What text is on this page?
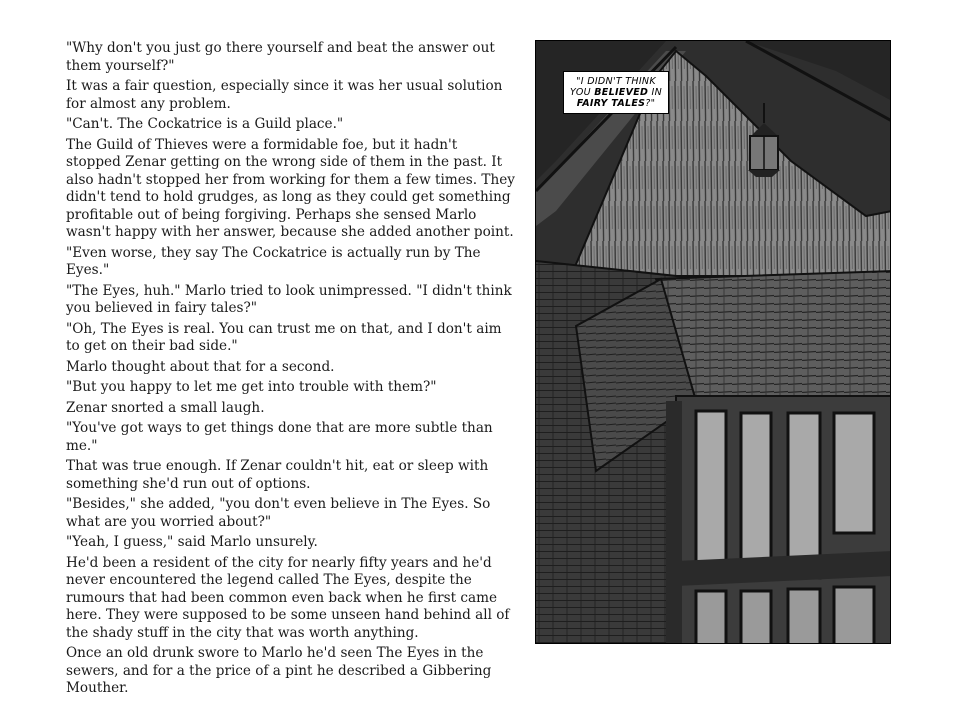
"Why don't you just go there yourself and beat the answer out them yourself?"

It was a fair question, especially since it was her usual solution for almost any problem.

"Can't. The Cockatrice is a Guild place."

The Guild of Thieves were a formidable foe, but it hadn't stopped Zenar getting on the wrong side of them in the past. It also hadn't stopped her from working for them a few times. They didn't tend to hold grudges, as long as they could get something profitable out of being forgiving. Perhaps she sensed Marlo wasn't happy with her answer, because she added another point.

"Even worse, they say The Cockatrice is actually run by The Eyes."

"The Eyes, huh." Marlo tried to look unimpressed. "I didn't think you believed in fairy tales?"

"Oh, The Eyes is real. You can trust me on that, and I don't aim to get on their bad side."

Marlo thought about that for a second.

"But you happy to let me get into trouble with them?"

Zenar snorted a small laugh.

"You've got ways to get things done that are more subtle than me."

That was true enough. If Zenar couldn't hit, eat or sleep with something she'd run out of options.

"Besides," she added, "you don't even believe in The Eyes. So what are you worried about?"

"Yeah, I guess," said Marlo unsurely.

He'd been a resident of the city for nearly fifty years and he'd never encountered the legend called The Eyes, despite the rumours that had been common even back when he first came here. They were supposed to be some unseen hand behind all of the shady stuff in the city that was worth anything.

Once an old drunk swore to Marlo he'd seen The Eyes in the sewers, and for a the price of a pint he described a Gibbering Mouther.

"I DIDN'T THINK
YOU BELIEVED IN
FAIRY TALES?"
